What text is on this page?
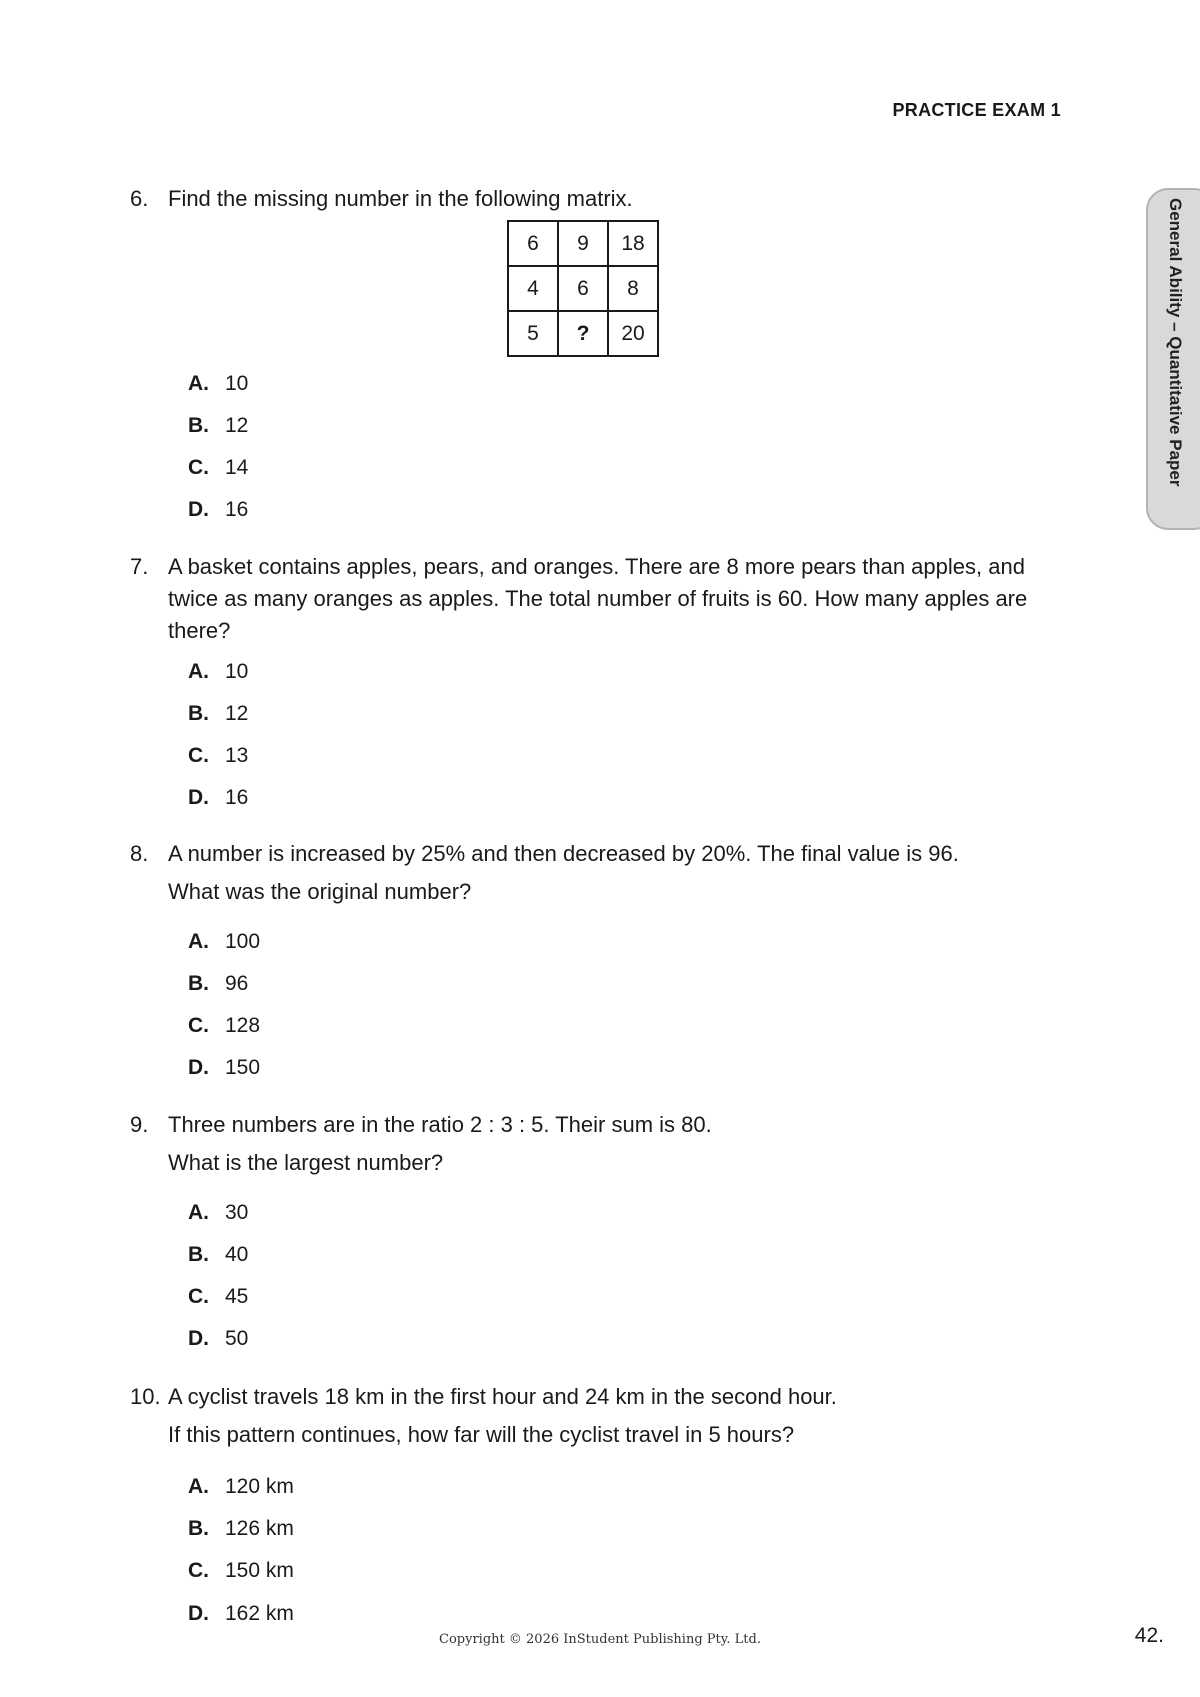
PRACTICE EXAM 1
General Ability – Quantitative Paper
6. Find the missing number in the following matrix.
6	9	18
4	6	8
5	?	20
A. 10
B. 12
C. 14
D. 16
7. A basket contains apples, pears, and oranges. There are 8 more pears than apples, and twice as many oranges as apples. The total number of fruits is 60. How many apples are there?
A. 10
B. 12
C. 13
D. 16
8. A number is increased by 25% and then decreased by 20%. The final value is 96.
What was the original number?
A. 100
B. 96
C. 128
D. 150
9. Three numbers are in the ratio 2 : 3 : 5. Their sum is 80.
What is the largest number?
A. 30
B. 40
C. 45
D. 50
10. A cyclist travels 18 km in the first hour and 24 km in the second hour.
If this pattern continues, how far will the cyclist travel in 5 hours?
A. 120 km
B. 126 km
C. 150 km
D. 162 km
Copyright © 2026 InStudent Publishing Pty. Ltd.	42.
